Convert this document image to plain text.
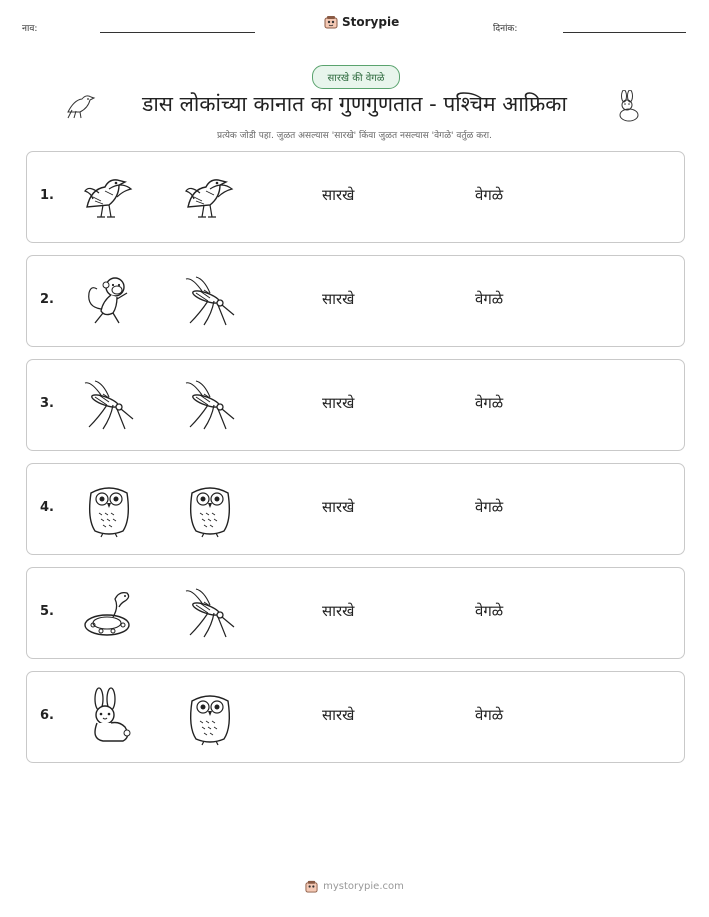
नाव:	Storypie	दिनांक:
सारखे की वेगळे
डास लोकांच्या कानात का गुणगुणतात - पश्चिम आफ्रिका
प्रत्येक जोडी पहा. जुळत असल्यास 'सारखे' किंवा जुळत नसल्यास 'वेगळे' वर्तुळ करा.
1.	सारखे	वेगळे
2.	सारखे	वेगळे
3.	सारखे	वेगळे
4.	सारखे	वेगळे
5.	सारखे	वेगळे
6.	सारखे	वेगळे
mystorypie.com
